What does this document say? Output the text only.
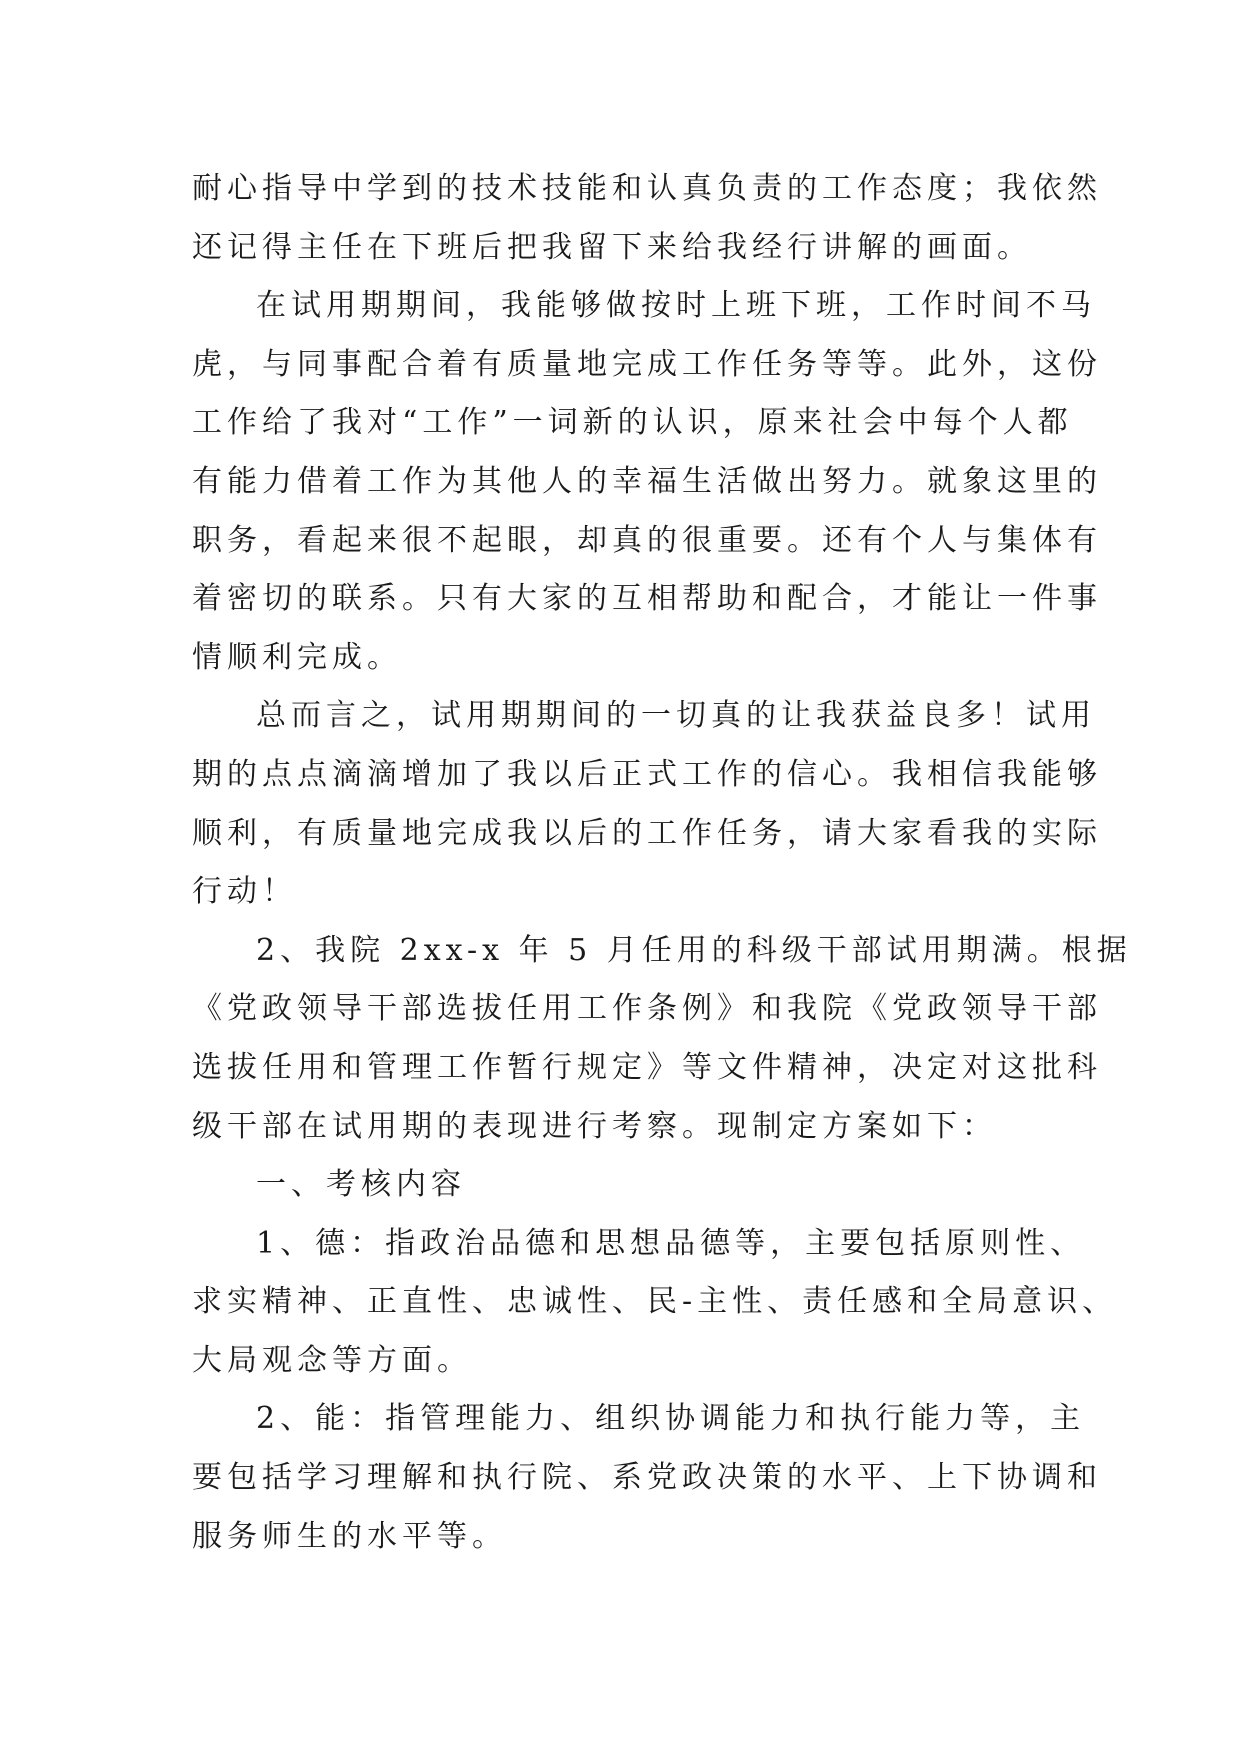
耐心指导中学到的技术技能和认真负责的工作态度；我依然
还记得主任在下班后把我留下来给我经行讲解的画面。
在试用期期间，我能够做按时上班下班，工作时间不马
虎，与同事配合着有质量地完成工作任务等等。此外，这份
工作给了我对“工作”一词新的认识，原来社会中每个人都
有能力借着工作为其他人的幸福生活做出努力。就象这里的
职务，看起来很不起眼，却真的很重要。还有个人与集体有
着密切的联系。只有大家的互相帮助和配合，才能让一件事
情顺利完成。
总而言之，试用期期间的一切真的让我获益良多！试用
期的点点滴滴增加了我以后正式工作的信心。我相信我能够
顺利，有质量地完成我以后的工作任务，请大家看我的实际
行动！
2、我院 2xx-x 年 5 月任用的科级干部试用期满。根据
《党政领导干部选拔任用工作条例》和我院《党政领导干部
选拔任用和管理工作暂行规定》等文件精神，决定对这批科
级干部在试用期的表现进行考察。现制定方案如下：
一、考核内容
1、德：指政治品德和思想品德等，主要包括原则性、
求实精神、正直性、忠诚性、民-主性、责任感和全局意识、
大局观念等方面。
2、能：指管理能力、组织协调能力和执行能力等，主
要包括学习理解和执行院、系党政决策的水平、上下协调和
服务师生的水平等。
